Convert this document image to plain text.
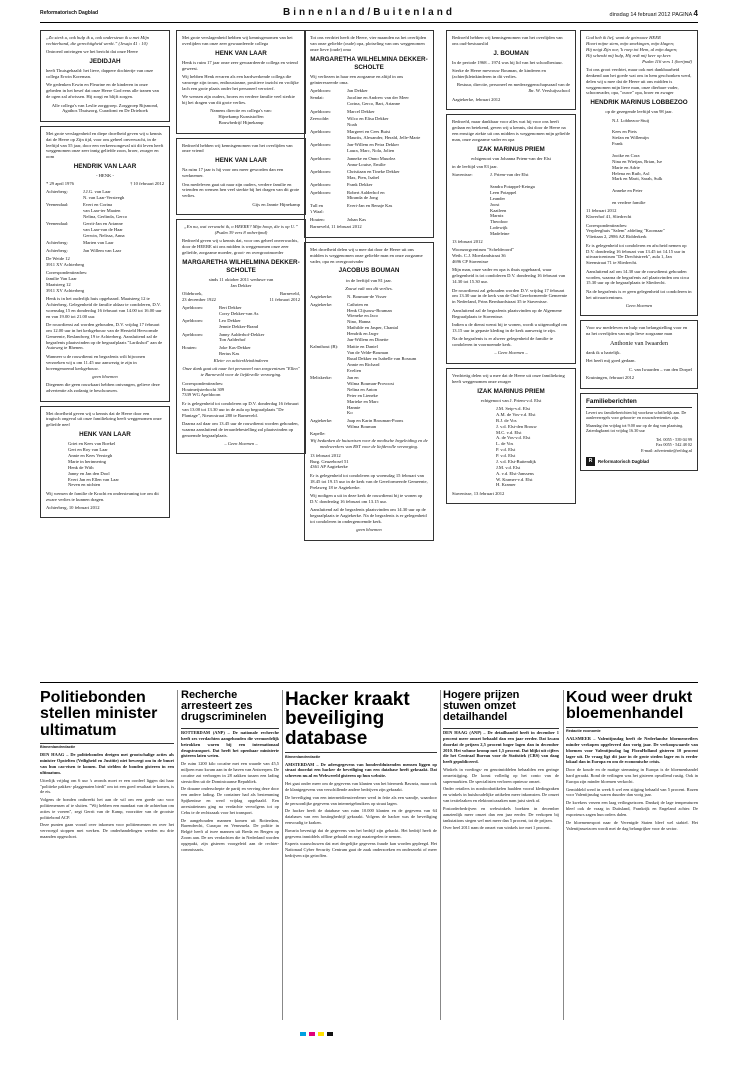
Reformatorisch Dagblad	Binnenland/Buitenland	dinsdag 14 februari 2012 PAGINA 4

„Zo sterk u, ook hulp ik u, ook ondersteun ik u met Mijn rechterhand, die gerechtigheid werkt.” (Jesaja 41 : 10)

Ontroerd ontvingen we het bericht dat onze Heere

JEDIDJAH

heeft Thuisgehaald: het lieve, dappere dochtertje van onze collega Erwin Koreman.

We gedenken Erwin en Fleurine en de kinderen in onze gebeden in het besef dat onze Heere God eens alle tranen van de ogen zal afwissen. Hij zorgt en blijft zorgen.

Alle collega's van Leslie zorggroep. Zorggroep Rijsmond, Agathos Thuiszorg, Curadomi en De Driehoek

Met grote verslagenheid en diepe droefheid geven wij u kennis dat de Heere op Zijn tijd, voor ons geheel onverwacht, in de leeftijd van 55 jaar, door een verkeersongeval uit dit leven heeft weggenomen onze zeer innig geliefde zoon, broer, zwager en oom

HENDRIK VAN LAAR
- HENK -
* 29 april 1976	† 10 februari 2012
Achterberg:	J.J.G. van Laar
N. van Laar-Versteegh
Veenendaal:	Evert en Corina
van Laar-ter Maaten
Nelina, Gerlinda, Gerco
Veenendaal:	Gerrit-Jan en Arianne
van Laar-van de Haar
Gerwin, Nelissa, Anna
Achterberg:	Marten van Laar
Achterberg:	Jan Willem van Laar

De Weide 12
3911 XV Achterberg

Correspondentieadres:

familie Van Laar
Maatsteeg 12
3911 XV Achterberg

Henk is in het ouderlijk huis opgebaard. Maatsteeg 12 te Achterberg. Gelegenheid de familie aldaar te condoleren, D.V. woensdag 15 en donderdag 16 februari van 14.00 tot 16.00 uur en van 19.00 tot 21.00 uur.

De rouwdienst zal worden gehouden, D.V. vrijdag 17 februari om 12.00 uur in het kerkgebouw van de Hersteld Hervormde Gemeente, Beslandweg 19 te Achterberg. Aansluitend zal de begrafenis plaatsvinden op de begraafplaats "Larikshof" aan de Autoweg te Rhenen.

Wanneer u de rouwdienst en begrafenis wilt bijwonen verzoeken wij u om 11.45 uur aanwezig te zijn in bovengenoemd kerkgebouw.

geen bloemen

Diegenen die geen rouwkaart hebben ontvangen, gelieve deze advertentie als zodanig te beschouwen.

Met droefheid geven wij u kennis dat de Heere door een tragisch ongeval uit onze familiekring heeft weggenomen onze geliefde neef

HENK VAN LAAR

Griet en Kees van Boekel
Gert en Roy van Laar
Annie en Kees Verstegh
Marie in herinnering
Henk de With
Janny en Jan den Dool
Evert Jan en Ellen van Laar
Neven en nichten

Wij wensen de familie de Kracht en ondersteuning toe om dit zware verlies te kunnen dragen.

Achterberg, 10 februari 2012

Met grote verslagenheid hebben wij kennisgenomen van het overlijden van onze zeer gewaardeerde collega

HENK VAN LAAR

Henk is ruim 17 jaar onze zeer gewaardeerde collega en vriend geweest.

Wij hebben Henk ervaren als een hardwerkende collega die vanwege zijn trouw, enthousiasme, positieve inzicht en vrolijke lach een grote plaats onder het personeel verwierf.

We wensen zijn ouders, broers en verdere familie veel sterkte bij het dragen van dit grote verlies.

Namens directie en collega's van:
Hijnekamp Kunststoffen
Bouwbedrijf Hijnekamp

Bedroefd hebben wij kennisgenomen van het overlijden van onze vriend

HENK VAN LAAR

Na ruim 17 jaar is hij voor ons meer geworden dan een werknemer.

Ons medeleven gaat uit naar zijn ouders, verdere familie en vrienden en wensen hen veel sterkte bij het dragen van dit grote verlies.

Gijs en Jannie Hijnekamp

„En nu, wat verwacht ik, o HEERE? Mijn hoop, die is op U.”

(Psalm 39 vers 8 onberijmd)

Bedroefd geven wij u kennis dat, voor ons geheel onverwachts, door de HEERE uit ons midden is weggenomen onze zeer geliefde, zorgzame moeder, groot- en overgrootmoeder

MARGARETHA WILHELMINA DEKKER-SCHOLTE

sinds 11 oktober 2011 weduwe van
Jan Dekker

Oldebroek,
23 december 1922
Barneveld,
11 februari 2012
Apeldoorn:	Bert Dekker
Corry Dekker-van As
Apeldoorn:	Leo Dekker
Jennie Dekker-Brand
Apeldoorn:	Janny Aalderhof-Dekker
Ton Aalderhof
Houten:	Joke Kas-Dekker
Bertus Kas

Klein- en achterkleinkinderen

Onze dank gaat uit naar het personeel van zorgcentrum "Ellen" te Barneveld voor de liefdevolle verzorging.

Correspondentieadres:

Houtmeijsterbocht 309
7339 WG Apeldoorn

Er is gelegenheid tot condoleren op D.V. donderdag 16 februari van 13.00 tot 13.30 uur in de aula op begraafplaats "De Plantage", Nieuwstraat 280 te Barneveld.

Daarna zal daar om 13.45 uur de rouwdienst worden gehouden, waarna aansluitend de teraardebestelling zal plaatsvinden op genoemde begraafplaats.

– Geen bloemen –

Tot ons verdriet heeft de Heere, vier maanden na het overlijden van onze geliefde (oude) opa, plotseling van ons weggenomen onze lieve (oude) oma

MARGARETHA WILHELMINA DEKKER-SCHOLTE

Wij verliezen in haar een zorgzame en altijd in ons geïnteresseerde oma.

Apeldoorn:	Jan Dekker
Sendai:	Jacoline en Andrew van der Meer
Corina, Gerco, Bart, Arianne
Apeldoorn:	Marcel Dekker
Zeewolde:	Wilco en Elisa Dekker
Noah
Apeldoorn:	Margreet en Cees Buist
Maurits, Alexander, Herald, Jelle-Marie
Apeldoorn:	Jan-Willem en Petra Dekker
Laura, Marc, Nola, Jolien
Apeldoorn:	Janneke en Onno Muurlez
Anna-Louise, Emilie
Apeldoorn:	Christiaan en Tineke Dekker
Max, Pien, Isabel
Apeldoorn:	Frank Dekker
Apeldoorn:	Robert Aalderhof en
Miranda de Jong
Tull en
't Waal:
Evert-Jan en Renaje Kas
Houten:	Johan Kas

Barneveld, 11 februari 2012

Met droefheid delen wij u mee dat door de Heere uit ons midden is weggenomen onze geliefde man en onze zorgzame vader, opa en overgrootvader

JACOBUS BOUMAN

in de leeftijd van 81 jaar.

Zouwt valt ons dit verlies.

Aagtekerke:	N. Bouman-de Visser
Aagtekerke:	Cathrien en
Henk Clijsouw-Bouman
Wieneke en Jaco
Nino, Hanna
Mathilde en Jasper, Chantal
Hendrik en Jaqyr
Jan-Willem en Dinette
Kalmthout (B):	Mattie en Daniel
Van de Velde-Bouman
Ruud Dekker en Isabelle van Rossum
Annie en Richard
Evelien
Meliskerke:	Jan en
Wilma Bouman-Provoost
Nelina en Anton
Peter en Lieneke
Marieke en Marc
Hannie
Ko
Aagtekerke:	Jaap en Karin Brouman-Poons
Wilma Bouman
Kapelle:

Wij bedanken de huisartsen voor de medische begeleiding en de medewerkers van RST voor de liefdevolle verzorging.

13 februari 2012
Burg. Geuzebosel 51
4361 AP Aagtekerke

Er is gelegenheid tot condoleren op woensdag 15 februari van 18.45 tot 19.15 uur in de kerk van de Gereformeerde Gemeente, Prelaweg 18 te Aagtekerke.

Wij nodigen u uit in deze kerk de rouwdienst bij te wonen op D.V. donderdag 16 februari om 13.15 uur.

Aansluitend zal de begrafenis plaatsvinden om 14.30 uur op de begraafplaats te Aagtekerke. Na de begrafenis is er gelegenheid tot condoleren in ondergenoemde kerk.

geen bloemen

Bedroefd hebben wij kennisgenomen van het overlijden van ons oud-bestuurslid

J. BOUMAN

In de periode 1968 – 1974 was hij lid van het schoolbestuur.

Sterke de Heere mevrouw Bouman, de kinderen en (achter)kleinkinderen in dit verlies.

Bestuur, directie, personeel en medezeggenschapsraad van de Jhr. W. Versluijsschool

Aagtekerke, februari 2012

Bedroefd, maar dankbaar voor alles wat hij voor ons heeft gedaan en betekend, geven wij u kennis, dat door de Heere na een ernstige ziekte uit ons midden is weggenomen mijn geliefde man, onze zorgzame vader en opa

IZAK MARINUS PRIEM

echtgenoot van Johanna Priem-van der Elst

in de leeftijd van 83 jaar.

Stavenisse:	J. Priem-van der Elst

Sandra Potappel-Keinga
Leen Potappel
Leander
Joost
Kaatleen
Marnix
Theodoor
Lodewijk
Madeleine

13 februari 2012

Woonzorgcentrum "Scheldeoord"
Weth. C.J. Moerlandstraat 36
4696 CP Stavenisse

Mijn man, onze vader en opa is thuis opgebaard, waar gelegenheid is tot condoleren D.V. donderdag 16 februari van 14.30 tot 15.30 uur.

De rouwdienst zal gehouden worden D.V. vrijdag 17 februari om 13.30 uur in de kerk van de Oud Gereformeerde Gemeente in Nederland, Prins Bernhardstraat 35 te Stavenisse.

Aansluitend zal de begrafenis plaatsvinden op de Algemene Begraafplaats te Stavenisse.

Indien u de dienst wenst bij te wonen, wordt u uitgenodigd om 13.15 uur in gepaste kleding in de kerk aanwezig te zijn.

Na de begrafenis is er alweer gelegenheid de familie te condoleren in voornoemde kerk.

– Geen bloemen –

Verdrietig delen wij u mee dat de Heere uit onze familiekring heeft weggenomen onze zwager

IZAK MARINUS PRIEM

echtgenoot van J. Priem-v.d. Elst

J.M. Seip-v.d. Elst
A.M. de Vos-v.d. Elst
B.J. de Vos
J. v.d. Elst-den Brouw
M.C. v.d. Elst
A. de Vos-v.d. Elst
L. de Vos
P. v.d. Elst
P. v.d. Elst
J. v.d. Elst-Buitendijk
J.M. v.d. Elst
A. v.d. Elst-Janssens
W. Kramer-v.d. Elst
H. Kramer

Stavenisse, 13 februari 2012

God heb ik lief, want de getrouwe HEER
Hoort mijne stem, mijn smekingen, mijn klagen;
Hij neigt Zijn oor, 'k roep tot Hem, al mijn dagen;
Hij schenkt mij hulp, Hij redt mij keer op keer.

Psalm 116 vers 1 (berijmd)

Tot ons groot verdriet, maar ook met dankbaarheid denkend aan het goede wat ons in hem geschonken werd, delen wij u mee dat de Heere uit ons midden is weggenomen mijn lieve man, onze dierbare vader, schoonvader, opa, "ouwe" opa, broer en zwager

HENDRIK MARINUS LOBBEZOO

op de gezegende leeftijd van 98 jaar.

N.J. Lobbezoo-Stuij

Kees en Piets
Stefan en Willemijn
Frank

Jooike en Cora
Nina en Wietjan, Brian, Ise
Marie en Adrie
Helena en Ruib, Axl
Mark en Marit, Sarah, Sulk

Anneke en Peter

en verdere familie

11 februari 2012
Klaverhof 41, Sliedrecht

Correspondentieadres:
Verpleeghuis "Salem" afdeling "Koornaar"
Vliettaan 2, 2986 AZ Ridderkerk

Er is gelegenheid tot condoleren en afscheid nemen op D.V. donderdag 16 februari van 13.45 tot 14.15 uur in uitvaartcentrum "De Drechtstreek", aula 1, Jan Steenstraat 71 te Sliedrecht.

Aansluitend zal om 14.30 uur de rouwdienst gehouden worden, waarna de begrafenis zal plaatsvinden om circa 15.30 uur op de begraafplaats te Sliedrecht.

Na de begrafenis is er geen gelegenheid tot condoleren in het uitvaartcentrum.

Geen bloemen

Voor uw medeleven en hulp van belangstelling voor en na het overlijden van mijn lieve zorgzame man

Anthonie van Iwaarden

dank ik u hartelijk.

Het heeft mij goed gedaan.

C. van Iwaarden – van den Dorpel

Kruiningen, februari 2012

Familieberichten

Levert uw familieberichten bij voorkeur schriftelijk aan. De aanleverregels voor geboorte- en rouwadvertenties zijn.

Maandag t/m vrijdag tot 9.00 uur op de dag van plaatsing. Zaterdagkrant tot vrijdag 16.30 uur

Tel. 0055 - 539 04 99
Fax 0055 - 542 48 02
E-mail: advertentie@refdag.nl
R	Reformatorisch Dagblad
Politiebonden stellen minister ultimatum
Binnenlandredactie

DEN HAAG – De politiebonden dreigen met grootschalige acties als minister Opstelten (Veiligheid en Justitie) niet beweegt om in de buurt van hun cao-eisen te komen. Dat stelden de bonden gisteren in een ultimatum.

Uiterlijk vrijdag om 6 uur 's avonds moet er een oordeel liggen dat haar "politieke pakkes- plaggenaten biedt" om tot een goed resultaat te komen, is de eis.

Volgens de bonden ontbreekt het aan de wil om een goede cao voor politiemensen af te sluiten. "Wij hebben een mandaat van de achterban om acties te voeren", zegt Gerrit van de Kamp, voorzitter van de grootste politiebond ACP.

Deze punten gaan vooral over inkomen voor politiemensen en over het vervroegd stoppen met werken. De onderhandelingen werden nu drie maanden opgeschort.

Recherche arresteert zes drugscriminelen

ROTTERDAM (ANP) – De nationale recherche heeft zes verdachten aangehouden die vermoedelijk betrokken waren bij een internationaal drugstransport. Dat heeft het openbaar ministerie gisteren laten weten.

De ruim 1200 kilo cocaïne met een waarde van 45,5 miljoen euro kwam aan in de haven van Antwerpen. De cocaïne zat verborgen in 28 zakken tussen een lading sierstoffen uit de Dominicaanse Republiek.

De douane onderschepte de partij en verving deze door een andere lading. De container had als bestemming Spijkenisse en werd vrijdag opgehaald. Een arrestatieteam ging na verdachte vervolgens tot op Cebu te de rechtszaak voor het transport.

De aangehouden mannen komen uit Rotterdam, Barendrecht, Curaçao en Venezuela. De politie in België heeft al twee mannen uit Breda en Bergen op Zoom aan. De zes verdachten die in Nederland worden opgepakt, zijn gisteren voorgeleid aan de rechter-commissaris.

Hacker kraakt beveiliging database
Binnenlandredactie

AMSTERDAM – De adresgegevens van honderdduizenden mensen liggen op straat doordat een hacker de beveiliging van een database heeft gekraakt. Dat schreven nu.nl en Webwereld gisteren op hun website.

Het gaat onder meer om de gegevens van klanten van het biermerk Bavaria, maar ook de klantgegevens van verschillende andere bedrijven zijn gekraakt.

De beveiliging van een internetdienstverlener werd in feite als een wandje, waardoor de persoonlijke gegevens van internetgebruikers op straat lagen.

De hacker heeft de database van ruim 10.000 klanten en de gegevens van 64 databases van een hostingbedrijf gekraakt. Volgens de hacker was de beveiliging eenvoudig te kraken.

Bavaria bevestigt dat de gegevens van het bedrijf zijn gehackt. Het bedrijf heeft de gegevens inmiddels offline gehaald en zegt maatregelen te nemen.

Experts waarschuwen dat met dergelijke gegevens fraude kan worden gepleegd. Het Nationaal Cyber Security Centrum gaat de zaak onderzoeken en onderzoekt of meer bedrijven zijn getroffen.

Hogere prijzen stuwen omzet detailhandel

DEN HAAG (ANP) – De detailhandel heeft in december 1 procent meer omzet behaald dan een jaar eerder. Dat kwam doordat de prijzen 2,5 procent hoger lagen dan in december 2010. Het volume kromp met 1,5 procent. Dat blijkt uit cijfers die het Centraal Bureau voor de Statistiek (CBS) van daag heeft gepubliceerd.

Winkels in voedings- en genotmiddelen behaalden een geringe omzetstijging. De konst volledig op het conto van de supermarkten. De specialisten verloren opnieuw omzet.

Onder retailers in nonfoodartikelen haalden vooral kledingzaken en winkels in huishoudelijke artikelen meer inkomsten. De omzet van textielzaken en elektronicazaken nam juist sterk af.

Postorderbedrijven en webwinkels boekten in december aanzienlijk meer omzet dan een jaar eerder. De verkopen bij tankstations stegen wel met meer dan 5 procent, tot de prijzen.

Over heel 2011 nam de omzet van winkels toe met 1 procent.

Koud weer drukt bloemenhandel
Redactie economie

AALSMEER – Valentijnsdag heeft de Nederlandse bloemenveilers minder verkopen opgeleverd dan vorig jaar. De verkoopwaarde van bloemen voor Valentijnsdag lag FloraHolland gisteren 10 procent lager uit. De vraag ligt dit jaar in de grote steden lager en is eerder lokaal dan in Europa en om de economische crisis.

Door de koude en de matige stemming in Europa is de bloemenhandel hard geraakt. Rond de veilingen was het gisteren opvallend rustig. Ook in Europa zijn minder bloemen verkocht.

Gemiddeld werd in week 6 wel een stijging behaald van 5 procent. Rozen voor Valentijnsdag waren duurder dan vorig jaar.

De kwekers vrezen een laag veilingseizoen. Dankzij de lage temperaturen bleef ook de vraag in Duitsland, Frankrijk en Engeland achter. De exporteurs zagen hun orders dalen.

De bloemenexport naar de Verenigde Staten bleef wel stabiel. Het Valentijnsseizoen wordt met de dag belangrijker voor de sector.
